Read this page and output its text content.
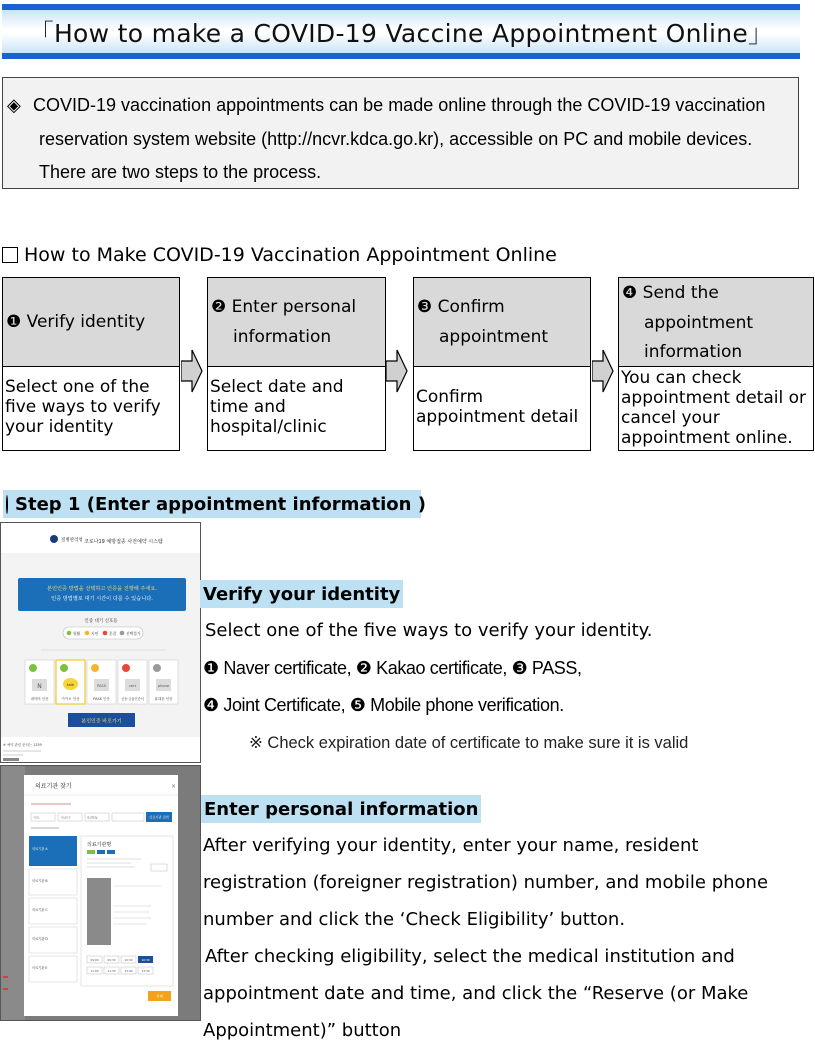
「How to make a COVID-19 Vaccine Appointment Online」
◈ COVID-19 vaccination appointments can be made online through the COVID-19 vaccination
reservation system website (http://ncvr.kdca.go.kr), accessible on PC and mobile devices.
There are two steps to the process.
How to Make COVID-19 Vaccination Appointment Online
❶ Verify identity
Select one of the
five ways to verify
your identity
❷ Enter personal
information
Select date and
time and
hospital/clinic
❸ Confirm
appointment
Confirm
appointment detail
❹ Send the
appointment
information
You can check
appointment detail or
cancel your
appointment online.
Step 1 (Enter appointment information )
질병관리청 코로나19 예방접종 사전예약 시스템
본인인증 방법을 선택하고 인증을 진행해 주세요.
인증 방법별로 대기 시간이 다를 수 있습니다.
인증 대기 신호등
원활	지연	혼잡	선택불가
N
네이버 인증
talk
카카오 인증
PASS
PASS 인증
cert
공동·금융인증서
phone
휴대폰 인증
본인인증 바로가기
※ 예약 관련 문의는 1339
의료기관 찾기	×
시/도	시/군/구	읍/면/동	의료기관 검색
의료기관 A
의료기관 B
의료기관 C
의료기관 D
의료기관 E
의료기관명
09:00	09:30	10:00	10:30
11:00	11:30	13:00	13:30
선택
Verify your identity
Select one of the five ways to verify your identity.
❶ Naver certificate, ❷ Kakao certificate, ❸ PASS,
❹ Joint Certificate, ❺ Mobile phone verification.
※ Check expiration date of certificate to make sure it is valid
Enter personal information
After verifying your identity, enter your name, resident
registration (foreigner registration) number, and mobile phone
number and click the ‘Check Eligibility’ button.
After checking eligibility, select the medical institution and
appointment date and time, and click the “Reserve (or Make
Appointment)” button
